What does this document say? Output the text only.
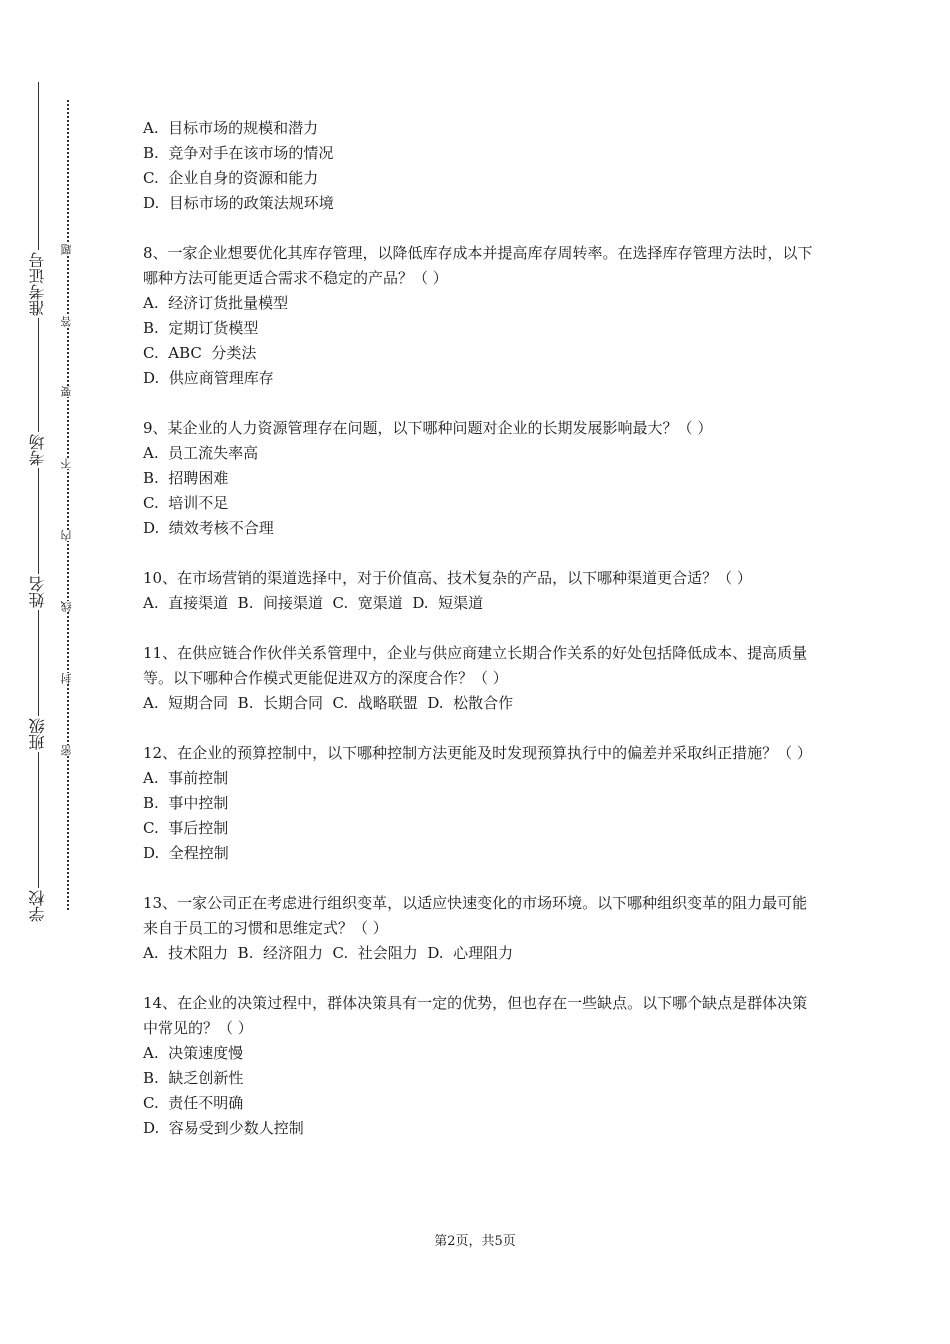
准考证号
考场
姓名
班级
学校
题
答
要
不
内
线
封
密

A.  目标市场的规模和潜力

B.  竞争对手在该市场的情况

C.  企业自身的资源和能力

D.  目标市场的政策法规环境

8、一家企业想要优化其库存管理，以降低库存成本并提高库存周转率。在选择库存管理方法时，以下哪种方法可能更适合需求不稳定的产品？（ ）

A.  经济订货批量模型

B.  定期订货模型

C.  ABC  分类法

D.  供应商管理库存

9、某企业的人力资源管理存在问题，以下哪种问题对企业的长期发展影响最大？（ ）

A.  员工流失率高

B.  招聘困难

C.  培训不足

D.  绩效考核不合理

10、在市场营销的渠道选择中，对于价值高、技术复杂的产品，以下哪种渠道更合适？（ ）

A.  直接渠道  B.  间接渠道  C.  宽渠道  D.  短渠道

11、在供应链合作伙伴关系管理中，企业与供应商建立长期合作关系的好处包括降低成本、提高质量等。以下哪种合作模式更能促进双方的深度合作？（ ）

A.  短期合同  B.  长期合同  C.  战略联盟  D.  松散合作

12、在企业的预算控制中，以下哪种控制方法更能及时发现预算执行中的偏差并采取纠正措施？（ ）

A.  事前控制

B.  事中控制

C.  事后控制

D.  全程控制

13、一家公司正在考虑进行组织变革，以适应快速变化的市场环境。以下哪种组织变革的阻力最可能来自于员工的习惯和思维定式？（ ）

A.  技术阻力  B.  经济阻力  C.  社会阻力  D.  心理阻力

14、在企业的决策过程中，群体决策具有一定的优势，但也存在一些缺点。以下哪个缺点是群体决策中常见的？（ ）

A.  决策速度慢

B.  缺乏创新性

C.  责任不明确

D.  容易受到少数人控制

第2页，共5页
